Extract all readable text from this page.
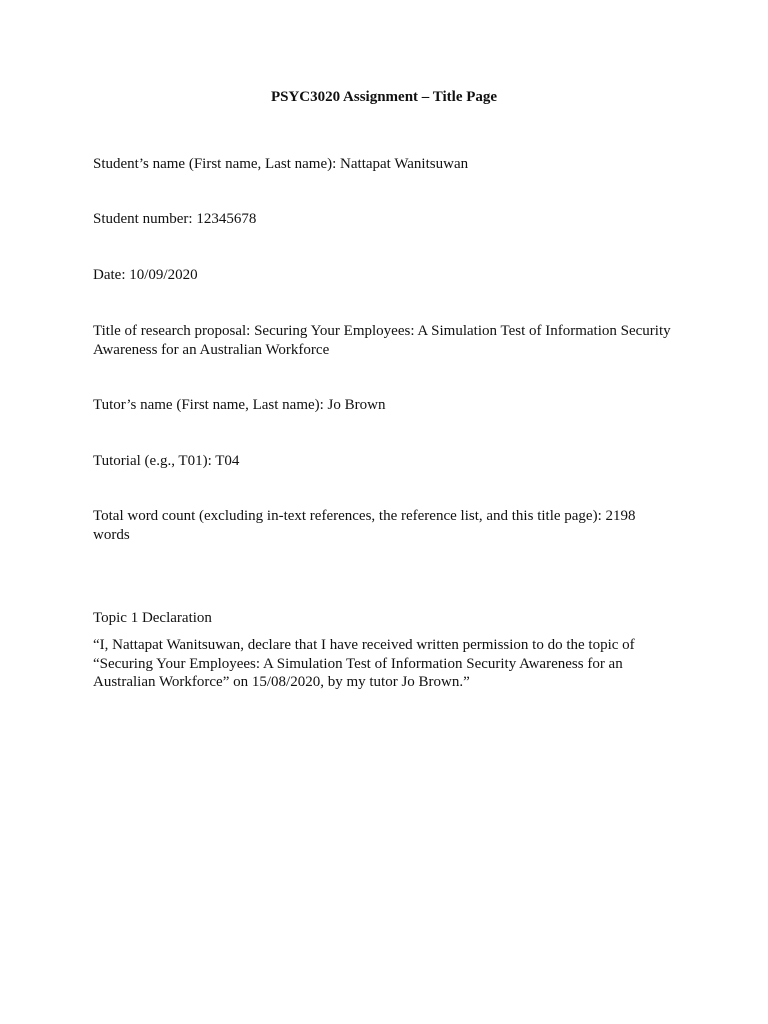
PSYC3020 Assignment – Title Page
Student’s name (First name, Last name): Nattapat Wanitsuwan
Student number: 12345678
Date: 10/09/2020
Title of research proposal: Securing Your Employees: A Simulation Test of Information Security Awareness for an Australian Workforce
Tutor’s name (First name, Last name): Jo Brown
Tutorial (e.g., T01): T04
Total word count (excluding in-text references, the reference list, and this title page): 2198 words
Topic 1 Declaration
“I, Nattapat Wanitsuwan, declare that I have received written permission to do the topic of “Securing Your Employees: A Simulation Test of Information Security Awareness for an Australian Workforce” on 15/08/2020, by my tutor Jo Brown.”
